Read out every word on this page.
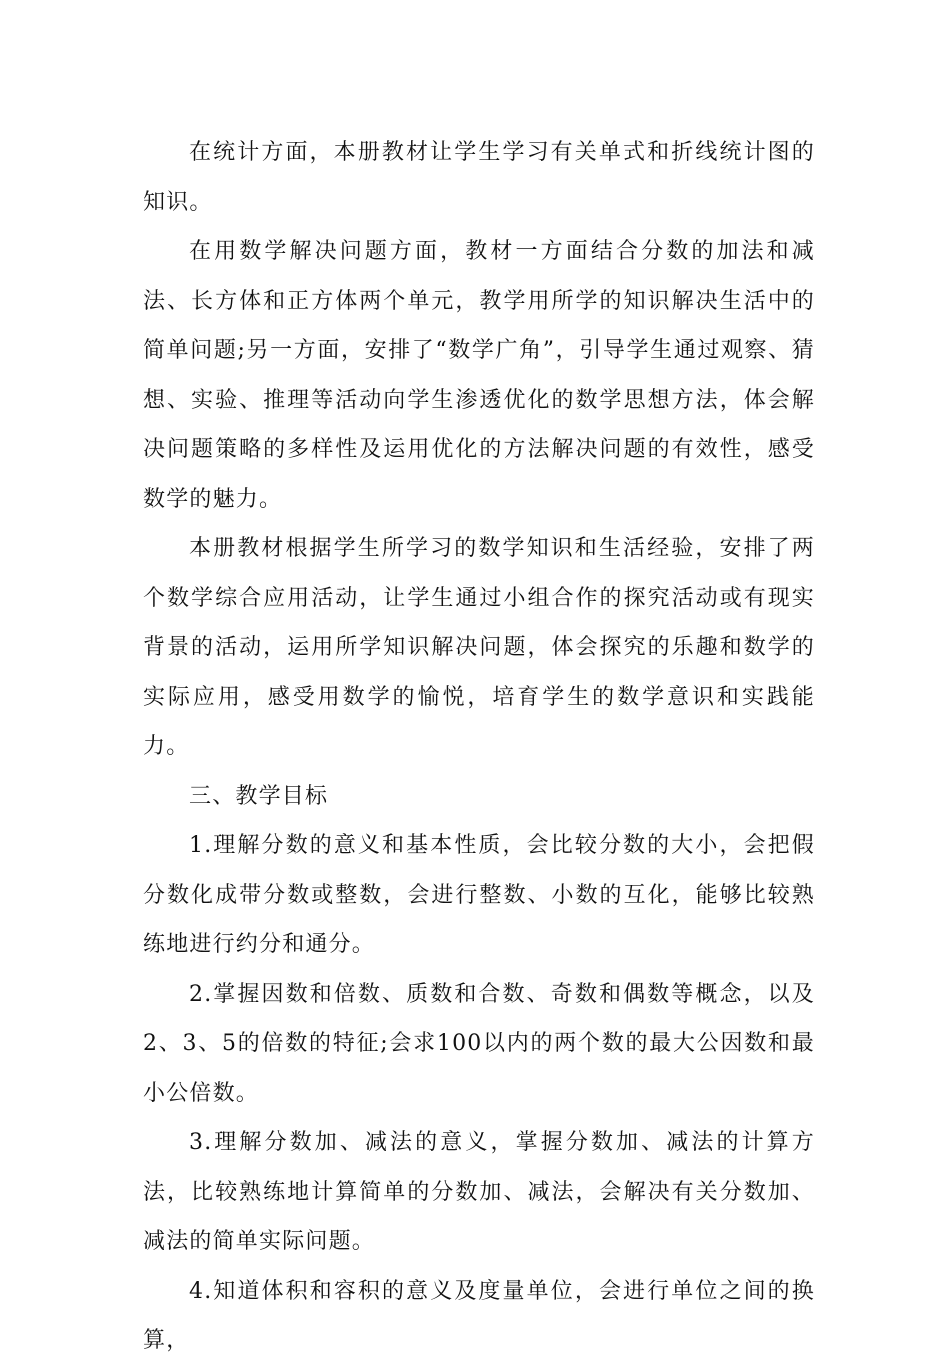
在统计方面，本册教材让学生学习有关单式和折线统计图的知识。

在用数学解决问题方面，教材一方面结合分数的加法和减法、长方体和正方体两个单元，教学用所学的知识解决生活中的简单问题;另一方面，安排了“数学广角”，引导学生通过观察、猜想、实验、推理等活动向学生渗透优化的数学思想方法，体会解决问题策略的多样性及运用优化的方法解决问题的有效性，感受数学的魅力。

本册教材根据学生所学习的数学知识和生活经验，安排了两个数学综合应用活动，让学生通过小组合作的探究活动或有现实背景的活动，运用所学知识解决问题，体会探究的乐趣和数学的实际应用，感受用数学的愉悦，培育学生的数学意识和实践能力。

三、教学目标

1.理解分数的意义和基本性质，会比较分数的大小，会把假分数化成带分数或整数，会进行整数、小数的互化，能够比较熟练地进行约分和通分。

2.掌握因数和倍数、质数和合数、奇数和偶数等概念，以及2、3、5的倍数的特征;会求100以内的两个数的最大公因数和最小公倍数。

3.理解分数加、减法的意义，掌握分数加、减法的计算方法，比较熟练地计算简单的分数加、减法，会解决有关分数加、减法的简单实际问题。

4.知道体积和容积的意义及度量单位，会进行单位之间的换算，
